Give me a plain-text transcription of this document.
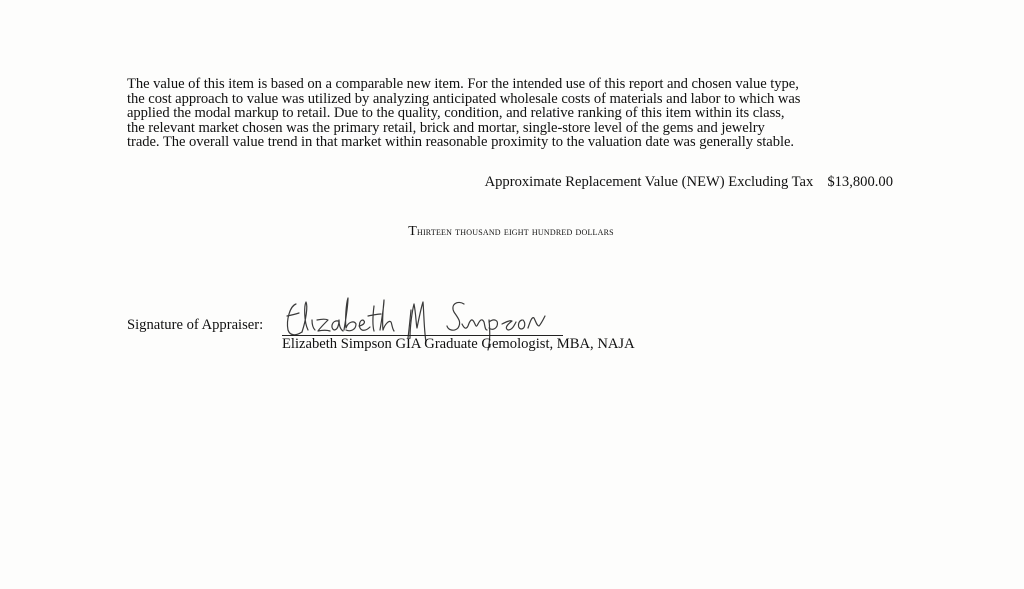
The value of this item is based on a comparable new item. For the intended use of this report and chosen value type,
the cost approach to value was utilized by analyzing anticipated wholesale costs of materials and labor to which was
applied the modal markup to retail. Due to the quality, condition, and relative ranking of this item within its class,
the relevant market chosen was the primary retail, brick and mortar, single-store level of the gems and jewelry
trade. The overall value trend in that market within reasonable proximity to the valuation date was generally stable.

Approximate Replacement Value (NEW) Excluding Tax $13,800.00
Thirteen thousand eight hundred dollars
Signature of Appraiser:
Elizabeth Simpson GIA Graduate Gemologist, MBA, NAJA
